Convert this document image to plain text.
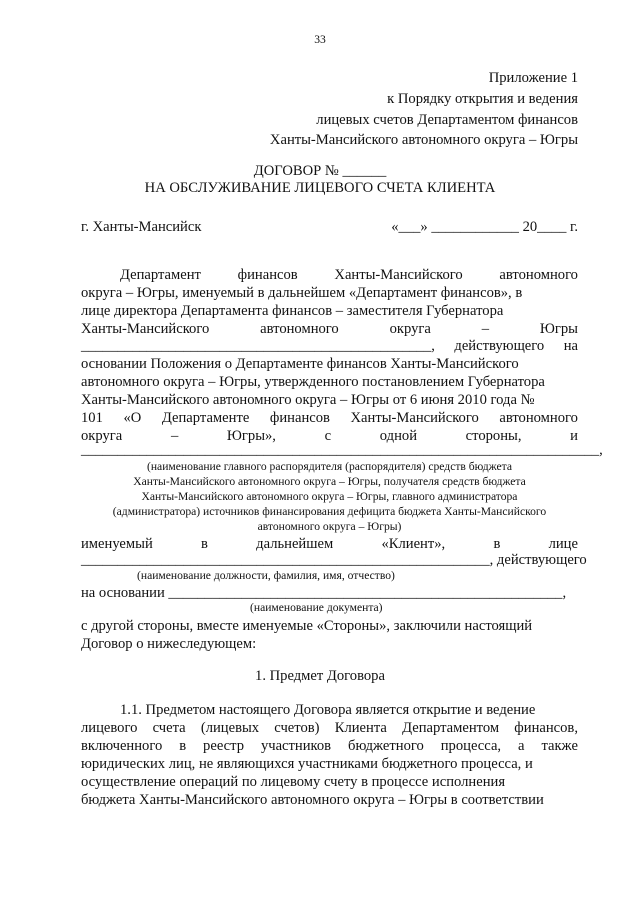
33

Приложение 1

к Порядку открытия и ведения

лицевых счетов Департаментом финансов

Ханты-Мансийского автономного округа – Югры

ДОГОВОР № ______

НА ОБСЛУЖИВАНИЕ ЛИЦЕВОГО СЧЕТА КЛИЕНТА

г. Ханты-Мансийск	«___» ____________ 20____ г.

Департамент	финансов	Ханты-Мансийского	автономного

округа – Югры, именуемый в дальнейшем «Департамент финансов», в

лице директора Департамента финансов – заместителя Губернатора

Ханты-Мансийского	автономного	округа	–	Югры
________________________________________________, действующего на

основании Положения о Департаменте финансов Ханты-Мансийского

автономного округа – Югры, утвержденного постановлением Губернатора

Ханты-Мансийского автономного округа – Югры от 6 июня 2010 года №

101 «О Департаменте финансов Ханты-Мансийского автономного
округа	–	Югры»,	с	одной	стороны,	и

_______________________________________________________________________,

(наименование главного распорядителя (распорядителя) средств бюджета

Ханты-Мансийского автономного округа – Югры, получателя средств бюджета

Ханты-Мансийского автономного округа – Югры, главного администратора

(администратора) источников финансирования дефицита бюджета Ханты-Мансийского

автономного округа – Югры)

именуемый	в	дальнейшем	«Клиент»,	в	лице

________________________________________________________, действующего

(наименование должности, фамилия, имя, отчество)

на основании ______________________________________________________,

(наименование документа)

с другой стороны, вместе именуемые «Стороны», заключили настоящий

Договор о нижеследующем:

1. Предмет Договора

1.1. Предметом настоящего Договора является открытие и ведение

лицевого счета (лицевых счетов) Клиента Департаментом финансов,
включенного в реестр участников бюджетного процесса, а также

юридических лиц, не являющихся участниками бюджетного процесса, и

осуществление операций по лицевому счету в процессе исполнения

бюджета Ханты-Мансийского автономного округа – Югры в соответствии
